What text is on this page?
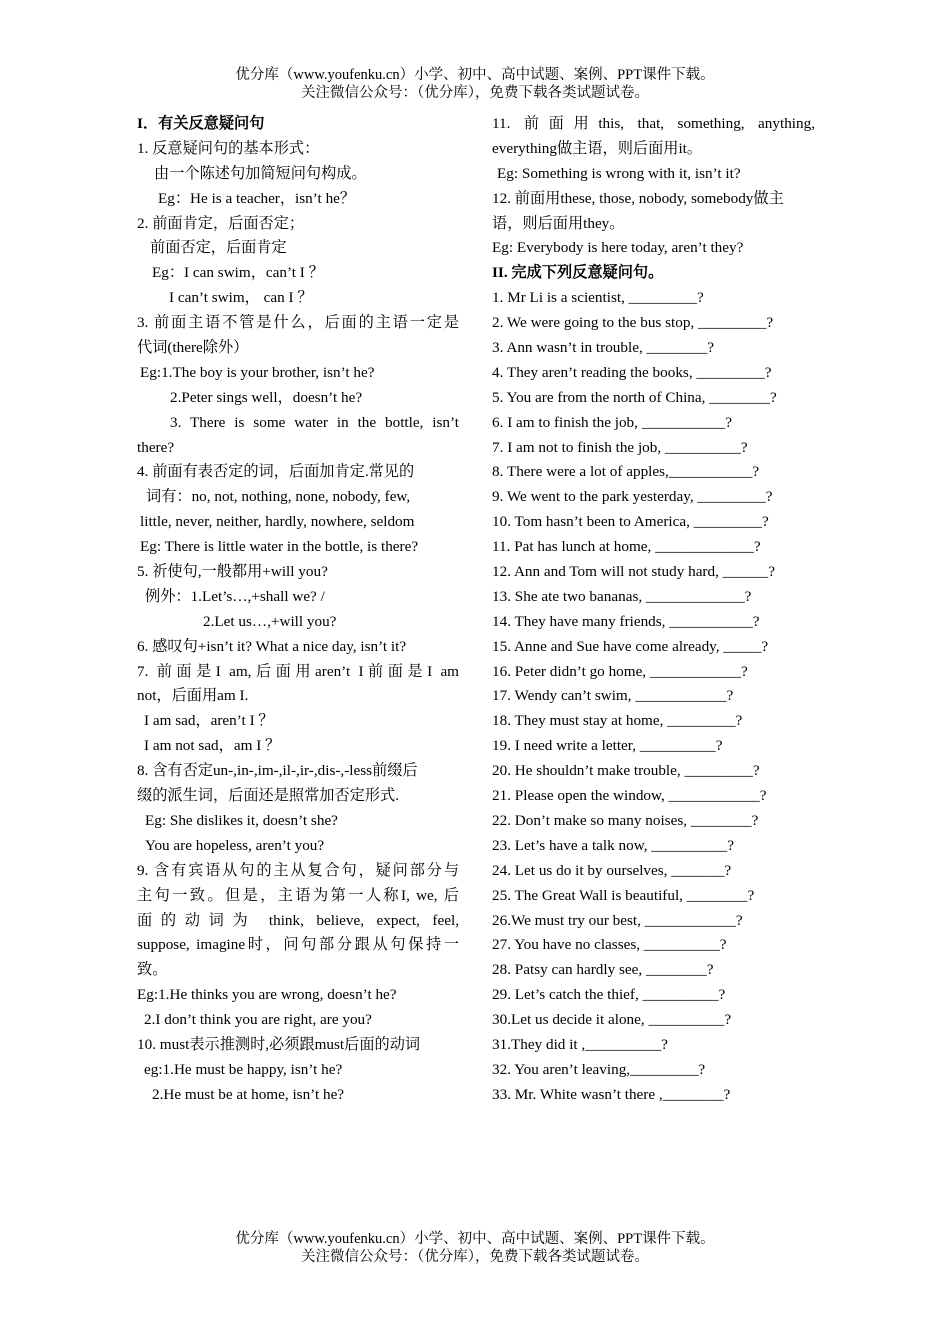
优分库（www.youfenku.cn）小学、初中、高中试题、案例、PPT课件下载。
关注微信公众号：（优分库），免费下载各类试题试卷。
I．有关反意疑问句
1. 反意疑问句的基本形式：
由一个陈述句加简短问句构成。
Eg：He is a teacher，isn’t he？
2. 前面肯定，后面否定；
前面否定，后面肯定
Eg：I can swim，can’t I ？
I can’t swim， can I ？
3. 前面主语不管是什么，后面的主语一定是
代词(there除外）
Eg:1.The boy is your brother, isn’t he?
2.Peter sings well，doesn’t he?
3. There is some water in the bottle, isn’t
there?
4. 前面有表否定的词，后面加肯定.常见的
词有：no, not, nothing, none, nobody, few,
little, never, neither, hardly, nowhere, seldom
Eg: There is little water in the bottle, is there?
5. 祈使句,一般都用+will you?
例外：1.Let’s…,+shall we? /
2.Let us…,+will you?
6. 感叹句+isn’t it? What a nice day, isn’t it?
7. 前面是I am,后面用aren’t I前面是I am
not，后面用am I.
I am sad，aren’t I ？
I am not sad，am I ？
8. 含有否定un-,in-,im-,il-,ir-,dis-,-less前缀后
缀的派生词，后面还是照常加否定形式.
Eg: She dislikes it, doesn’t she?
You are hopeless, aren’t you?
9. 含有宾语从句的主从复合句，疑问部分与
主句一致。但是，主语为第一人称I, we, 后
面的动词为 think, believe, expect, feel,
suppose, imagine时，问句部分跟从句保持一
致。
Eg:1.He thinks you are wrong, doesn’t he?
2.I don’t think you are right, are you?
10. must表示推测时,必须跟must后面的动词
eg:1.He must be happy, isn’t he?
2.He must be at home, isn’t he?
11. 前面用this, that, something, anything,
everything做主语，则后面用it。
Eg: Something is wrong with it, isn’t it?
12. 前面用these, those, nobody, somebody做主
语，则后面用they。
Eg: Everybody is here today, aren’t they?
II. 完成下列反意疑问句。
1. Mr Li is a scientist, _________?
2. We were going to the bus stop, _________?
3. Ann wasn’t in trouble, ________?
4. They aren’t reading the books, _________?
5. You are from the north of China, ________?
6. I am to finish the job, ___________?
7. I am not to finish the job, __________?
8. There were a lot of apples,___________?
9. We went to the park yesterday, _________?
10. Tom hasn’t been to America, _________?
11. Pat has lunch at home, _____________?
12. Ann and Tom will not study hard, ______?
13. She ate two bananas, _____________?
14. They have many friends, ___________?
15. Anne and Sue have come already, _____?
16. Peter didn’t go home, ____________?
17. Wendy can’t swim, ____________?
18. They must stay at home, _________?
19. I need write a letter, __________?
20. He shouldn’t make trouble, _________?
21. Please open the window, ____________?
22. Don’t make so many noises, ________?
23. Let’s have a talk now, __________?
24. Let us do it by ourselves, _______?
25. The Great Wall is beautiful, ________?
26.We must try our best, ____________?
27. You have no classes, __________?
28. Patsy can hardly see, ________?
29. Let’s catch the thief, __________?
30.Let us decide it alone, __________?
31.They did it ,__________?
32. You aren’t leaving,_________?
33. Mr. White wasn’t there ,________?
优分库（www.youfenku.cn）小学、初中、高中试题、案例、PPT课件下载。
关注微信公众号：（优分库），免费下载各类试题试卷。
